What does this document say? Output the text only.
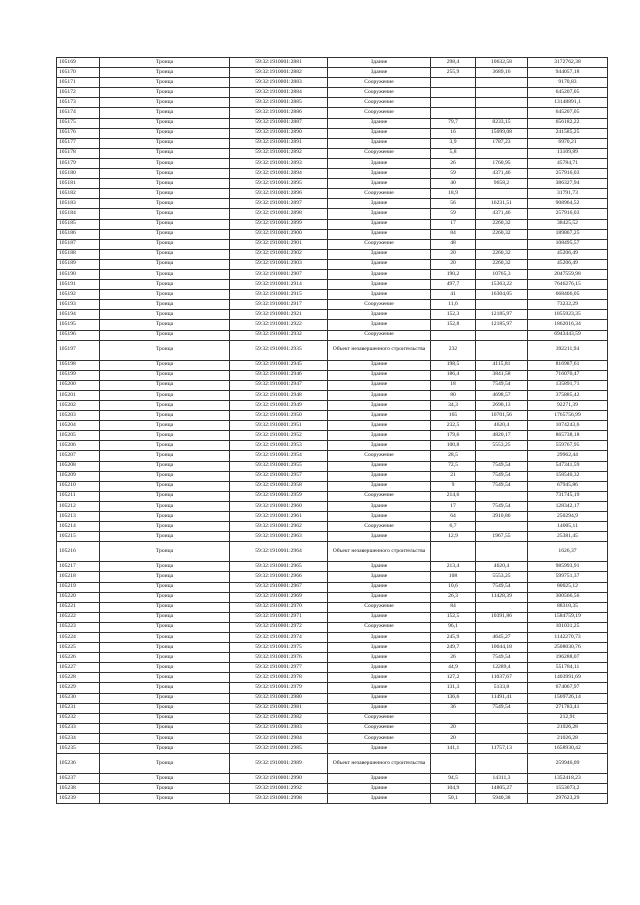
105169	Троица	59:32:1910001:2881	Здание	298,4	10632,58	3172762,38
105170	Троица	59:32:1910001:2882	Здание	255,9	3689,16	944057,18
105171	Троица	59:32:1910001:2883	Сооружение			9170,83
105172	Троица	59:32:1910001:2884	Сооружение			645207,05
105173	Троица	59:32:1910001:2885	Сооружение			13148891,1
105174	Троица	59:32:1910001:2886	Сооружение			645207,05
105175	Троица	59:32:1910001:2887	Здание	79,7	8233,15	656182,22
105176	Троица	59:32:1910001:2890	Здание	16	15099,08	241585,25
105177	Троица	59:32:1910001:2891	Здание	3,9	1787,23	6970,21
105178	Троица	59:32:1910001:2892	Сооружение	5,8		13109,89
105179	Троица	59:32:1910001:2893	Здание	26	1760,95	45784,71
105180	Троица	59:32:1910001:2894	Здание	59	4371,46	257916,03
105181	Троица	59:32:1910001:2895	Здание	40	9658,2	386327,94
105182	Троица	59:32:1910001:2896	Сооружение	18,9		31791,73
105183	Троица	59:32:1910001:2897	Здание	56	16231,51	908964,52
105184	Троица	59:32:1910001:2898	Здание	59	4371,46	257916,03
105185	Троица	59:32:1910001:2899	Здание	17	2260,32	38425,52
105186	Троица	59:32:1910001:2900	Здание	84	2260,32	189867,25
105187	Троица	59:32:1910001:2901	Сооружение	48		108495,57
105188	Троица	59:32:1910001:2902	Здание	20	2260,32	45206,49
105189	Троица	59:32:1910001:2903	Здание	20	2260,32	45206,49
105190	Троица	59:32:1910001:2907	Здание	190,2	10765,3	2047559,98
105191	Троица	59:32:1910001:2914	Здание	497,7	15363,22	7646276,15
105192	Троица	59:32:1910001:2915	Здание	41	16304,05	668466,05
105193	Троица	59:32:1910001:2917	Сооружение	11,6		73232,29
105194	Троица	59:32:1910001:2921	Здание	152,3	12185,97	1855923,35
105195	Троица	59:32:1910001:2922	Здание	152,8	12185,97	1862016,34
105196	Троица	59:32:1910001:2932	Сооружение			6943443,59
105197	Троица	59:32:1910001:2935	Объект незавершенного строительства	232		392211,94
105198	Троица	59:32:1910001:2945	Здание	198,5	4115,81	816987,61
105199	Троица	59:32:1910001:2946	Здание	186,4	3841,58	716070,47
105200	Троица	59:32:1910001:2947	Здание	18	7549,54	135891,71
105201	Троица	59:32:1910001:2948	Здание	80	4698,57	375885,42
105202	Троица	59:32:1910001:2949	Здание	34,3	2690,13	92271,39
105203	Троица	59:32:1910001:2950	Здание	165	10701,56	1765756,99
105204	Троица	59:32:1910001:2951	Здание	232,5	4620,4	1074243,6
105205	Троица	59:32:1910001:2952	Здание	179,6	4820,17	865738,18
105206	Троица	59:32:1910001:2953	Здание	100,8	5553,25	559767,95
105207	Троица	59:32:1910001:2954	Сооружение	28,5		29962,44
105208	Троица	59:32:1910001:2955	Здание	72,5	7549,54	547341,59
105209	Троица	59:32:1910001:2957	Здание	21	7549,54	158540,32
105210	Троица	59:32:1910001:2958	Здание	9	7549,54	67945,86
105211	Троица	59:32:1910001:2959	Сооружение	214,6		731745,19
105212	Троица	59:32:1910001:2960	Здание	17	7549,54	128342,17
105213	Троица	59:32:1910001:2961	Здание	64	3910,86	250294,9
105214	Троица	59:32:1910001:2962	Сооружение	6,7		14005,11
105215	Троица	59:32:1910001:2963	Здание	12,9	1967,55	25381,45
105216	Троица	59:32:1910001:2964	Объект незавершенного строительства			1626,37
105217	Троица	59:32:1910001:2965	Здание	213,4	4620,4	985993,91
105218	Троица	59:32:1910001:2966	Здание	108	5553,25	599751,37
105219	Троица	59:32:1910001:2967	Здание	10,6	7549,54	80025,12
105220	Троица	59:32:1910001:2969	Здание	26,3	11428,39	300566,56
105221	Троица	59:32:1910001:2970	Сооружение	84		88310,35
105222	Троица	59:32:1910001:2971	Здание	152,5	10391,86	1584759,19
105223	Троица	59:32:1910001:2972	Сооружение	96,1		101031,25
105224	Троица	59:32:1910001:2974	Здание	245,9	4645,27	1142270,73
105225	Троица	59:32:1910001:2975	Здание	249,7	10044,18	2508030,76
105226	Троица	59:32:1910001:2976	Здание	26	7549,54	196288,07
105227	Троица	59:32:1910001:2977	Здание	44,9	12289,4	551784,11
105228	Троица	59:32:1910001:2978	Здание	127,2	11037,67	1403991,69
105229	Троица	59:32:1910001:2979	Здание	131,3	5133,8	674067,97
105230	Троица	59:32:1910001:2980	Здание	136,6	11491,41	1569726,14
105231	Троица	59:32:1910001:2981	Здание	36	7549,54	271783,41
105232	Троица	59:32:1910001:2982	Сооружение			212,91
105233	Троица	59:32:1910001:2983	Сооружение	20		21026,28
105234	Троица	59:32:1910001:2984	Сооружение	20		21026,28
105235	Троица	59:32:1910001:2985	Здание	141,1	11757,13	1658930,42
105236	Троица	59:32:1910001:2989	Объект незавершенного строительства			259946,09
105237	Троица	59:32:1910001:2990	Здание	94,5	14311,3	1352418,23
105238	Троица	59:32:1910001:2992	Здание	104,9	14805,27	1553073,2
105239	Троица	59:32:1910001:2998	Здание	50,1	5940,38	297623,29
